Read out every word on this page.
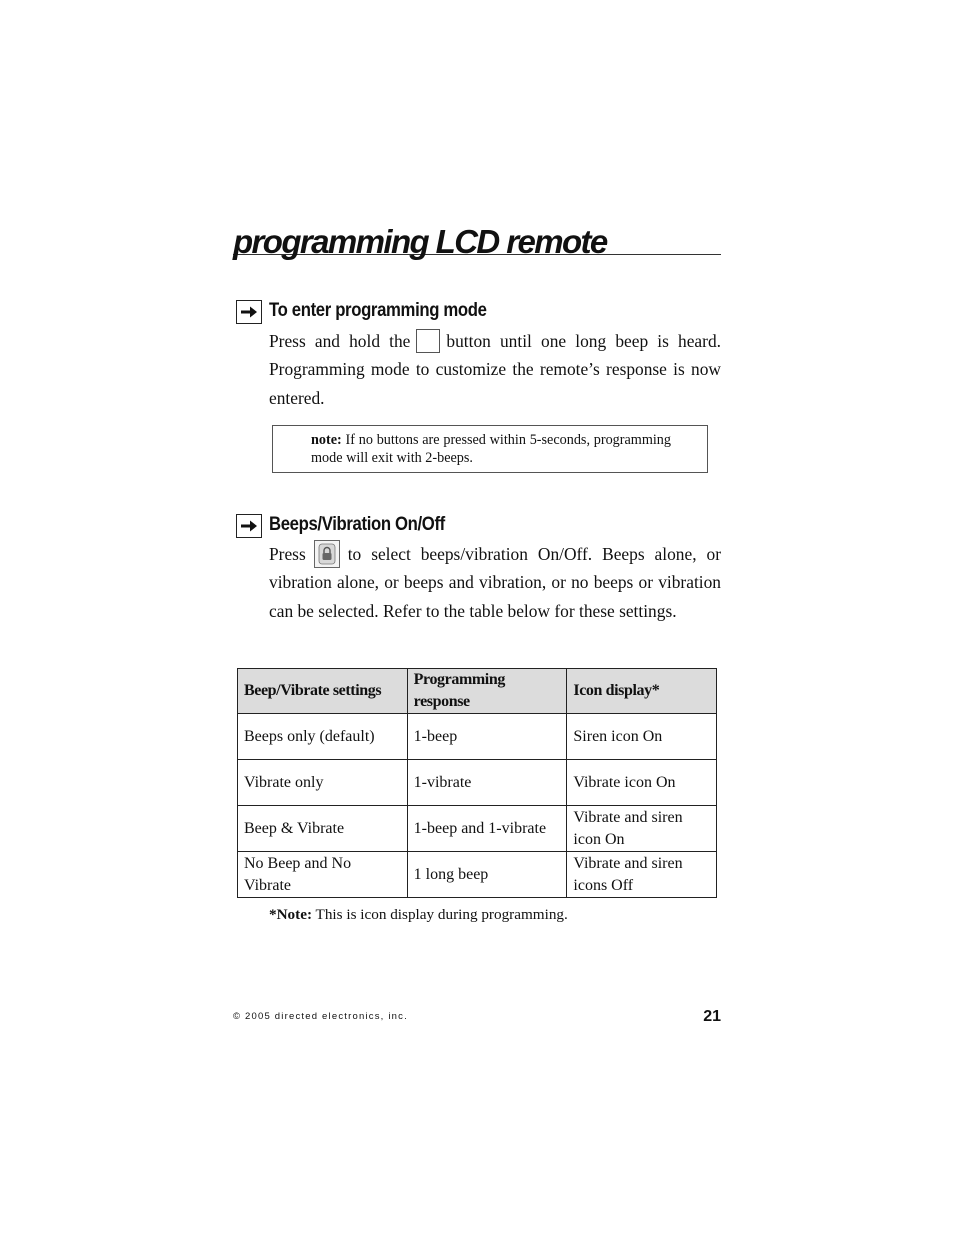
programming LCD remote
To enter programming mode

Press and hold the button until one long beep is heard. Programming mode to customize the remote’s response is now entered.

note: If no buttons are pressed within 5-seconds, programming mode will exit with 2-beeps.

Beeps/Vibration On/Off

Press to select beeps/vibration On/Off. Beeps alone, or vibration alone, or beeps and vibration, or no beeps or vibration can be selected. Refer to the table below for these settings.

Beep/Vibrate settings	Programming response	Icon display*
Beeps only (default)	1-beep	Siren icon On
Vibrate only	1-vibrate	Vibrate icon On
Beep & Vibrate	1-beep and 1-vibrate	Vibrate and siren icon On
No Beep and No Vibrate	1 long beep	Vibrate and siren icons Off

*Note: This is icon display during programming.

© 2005 directed electronics, inc.	21
